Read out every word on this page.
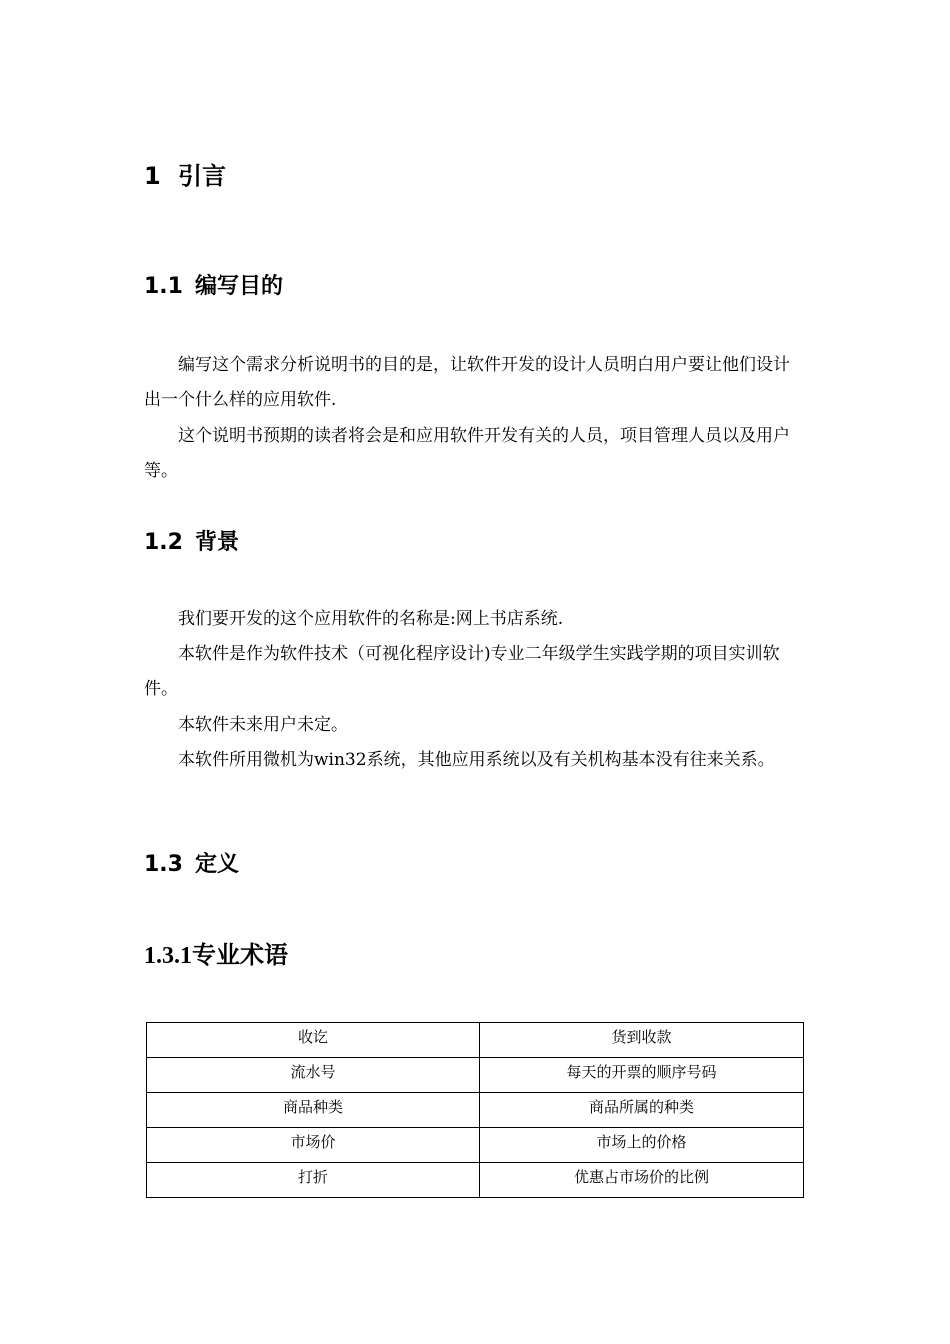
1 引言
1.1 编写目的

编写这个需求分析说明书的目的是，让软件开发的设计人员明白用户要让他们设计出一个什么样的应用软件.

这个说明书预期的读者将会是和应用软件开发有关的人员，项目管理人员以及用户等。

1.2 背景

我们要开发的这个应用软件的名称是:网上书店系统.

本软件是作为软件技术（可视化程序设计)专业二年级学生实践学期的项目实训软件。

本软件未来用户未定。

本软件所用微机为win32系统，其他应用系统以及有关机构基本没有往来关系。

1.3 定义
1.3.1专业术语
收讫	货到收款
流水号	每天的开票的顺序号码
商品种类	商品所属的种类
市场价	市场上的价格
打折	优惠占市场价的比例
